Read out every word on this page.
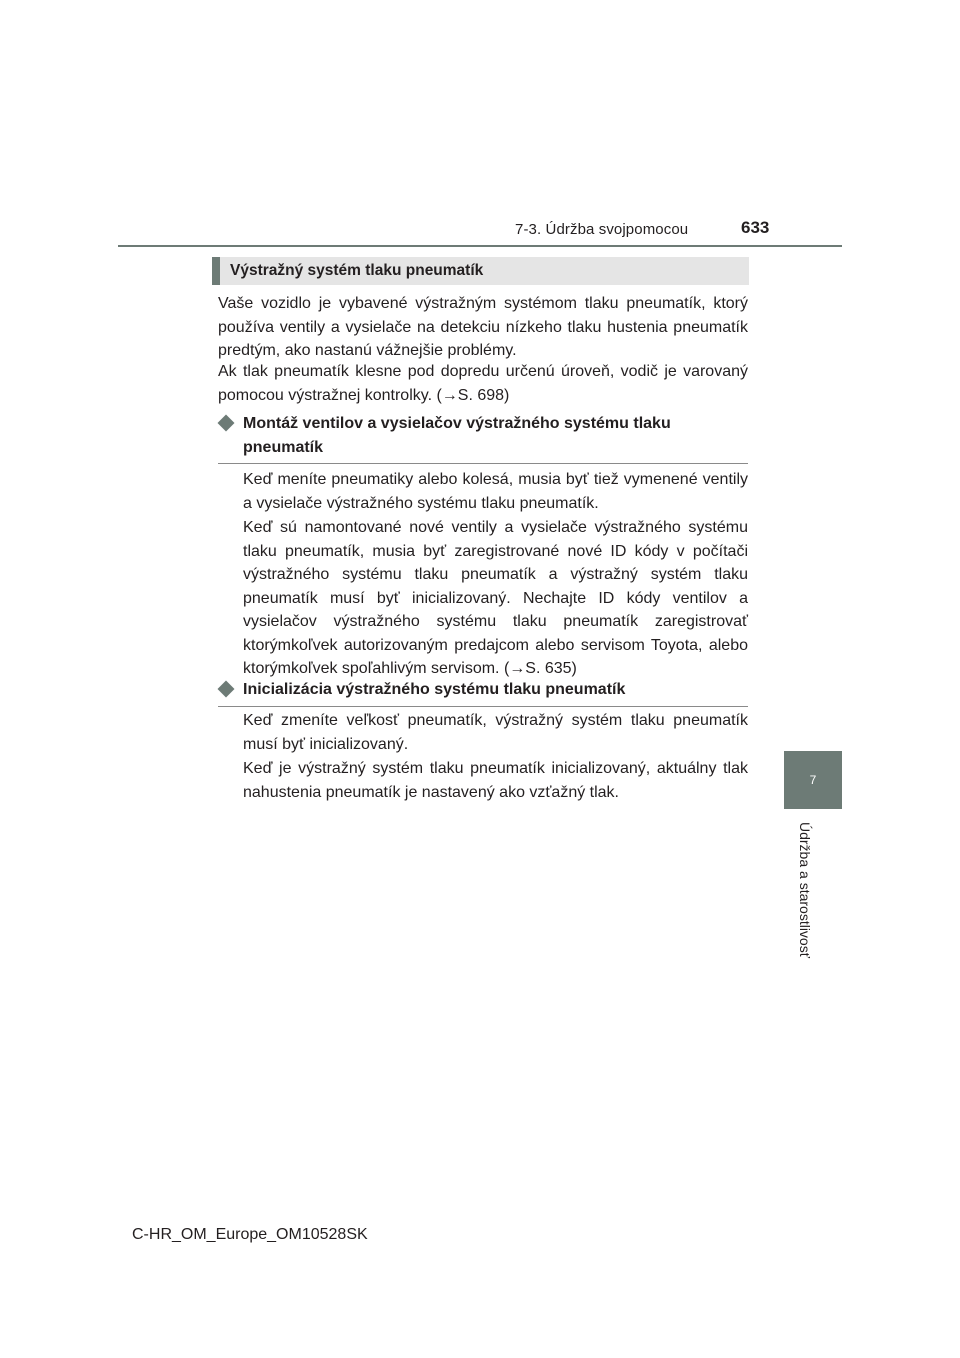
7-3. Údržba svojpomocou	633
7
Údržba a starostlivosť
Výstražný systém tlaku pneumatík

Vaše vozidlo je vybavené výstražným systémom tlaku pneumatík, ktorý používa ventily a vysielače na detekciu nízkeho tlaku hustenia pneumatík predtým, ako nastanú vážnejšie problémy.

Ak tlak pneumatík klesne pod dopredu určenú úroveň, vodič je varovaný pomocou výstražnej kontrolky. (→S. 698)

Montáž ventilov a vysielačov výstražného systému tlaku pneumatík

Keď meníte pneumatiky alebo kolesá, musia byť tiež vymenené ventily a vysielače výstražného systému tlaku pneumatík.

Keď sú namontované nové ventily a vysielače výstražného systému tlaku pneumatík, musia byť zaregistrované nové ID kódy v počítači výstražného systému tlaku pneumatík a výstražný systém tlaku pneumatík musí byť inicializovaný. Nechajte ID kódy ventilov a vysielačov výstražného systému tlaku pneumatík zaregistrovať ktorýmkoľvek autorizovaným predajcom alebo servisom Toyota, alebo ktorýmkoľvek spoľahlivým servisom. (→S. 635)

Inicializácia výstražného systému tlaku pneumatík

Keď zmeníte veľkosť pneumatík, výstražný systém tlaku pneumatík musí byť inicializovaný.

Keď je výstražný systém tlaku pneumatík inicializovaný, aktuálny tlak nahustenia pneumatík je nastavený ako vzťažný tlak.

C-HR_OM_Europe_OM10528SK
